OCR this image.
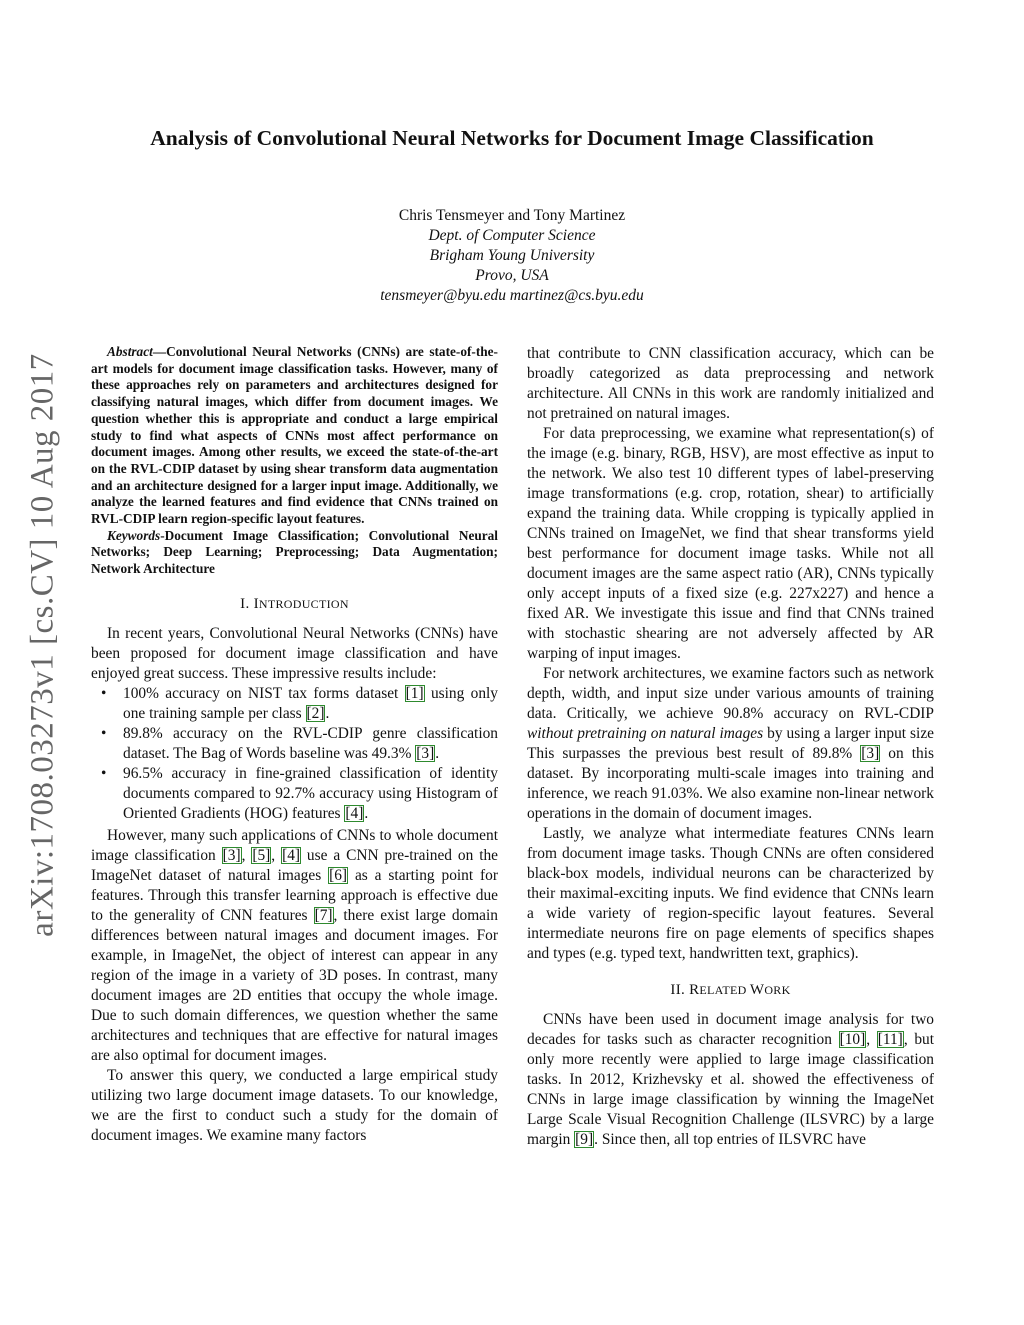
arXiv:1708.03273v1 [cs.CV] 10 Aug 2017
Analysis of Convolutional Neural Networks for Document Image Classification
Chris Tensmeyer and Tony Martinez
Dept. of Computer Science
Brigham Young University
Provo, USA
tensmeyer@byu.edu martinez@cs.byu.edu

Abstract—Convolutional Neural Networks (CNNs) are state-of-the-art models for document image classification tasks. However, many of these approaches rely on parameters and architectures designed for classifying natural images, which differ from document images. We question whether this is appropriate and conduct a large empirical study to find what aspects of CNNs most affect performance on document images. Among other results, we exceed the state-of-the-art on the RVL-CDIP dataset by using shear transform data augmentation and an architecture designed for a larger input image. Additionally, we analyze the learned features and find evidence that CNNs trained on RVL-CDIP learn region-specific layout features.

Keywords-Document Image Classification; Convolutional Neural Networks; Deep Learning; Preprocessing; Data Augmentation; Network Architecture

I. INTRODUCTION

In recent years, Convolutional Neural Networks (CNNs) have been proposed for document image classification and have enjoyed great success. These impressive results include:

• 100% accuracy on NIST tax forms dataset [1] using only one training sample per class [2].
• 89.8% accuracy on the RVL-CDIP genre classification dataset. The Bag of Words baseline was 49.3% [3].
• 96.5% accuracy in fine-grained classification of identity documents compared to 92.7% accuracy using Histogram of Oriented Gradients (HOG) features [4].

However, many such applications of CNNs to whole document image classification [3], [5], [4] use a CNN pre-trained on the ImageNet dataset of natural images [6] as a starting point for features. Through this transfer learning approach is effective due to the generality of CNN features [7], there exist large domain differences between natural images and document images. For example, in ImageNet, the object of interest can appear in any region of the image in a variety of 3D poses. In contrast, many document images are 2D entities that occupy the whole image. Due to such domain differences, we question whether the same architectures and techniques that are effective for natural images are also optimal for document images.

To answer this query, we conducted a large empirical study utilizing two large document image datasets. To our knowledge, we are the first to conduct such a study for the domain of document images. We examine many factors

that contribute to CNN classification accuracy, which can be broadly categorized as data preprocessing and network architecture. All CNNs in this work are randomly initialized and not pretrained on natural images.

For data preprocessing, we examine what representation(s) of the image (e.g. binary, RGB, HSV), are most effective as input to the network. We also test 10 different types of label-preserving image transformations (e.g. crop, rotation, shear) to artificially expand the training data. While cropping is typically applied in CNNs trained on ImageNet, we find that shear transforms yield best performance for document image tasks. While not all document images are the same aspect ratio (AR), CNNs typically only accept inputs of a fixed size (e.g. 227x227) and hence a fixed AR. We investigate this issue and find that CNNs trained with stochastic shearing are not adversely affected by AR warping of input images.

For network architectures, we examine factors such as network depth, width, and input size under various amounts of training data. Critically, we achieve 90.8% accuracy on RVL-CDIP without pretraining on natural images by using a larger input size This surpasses the previous best result of 89.8% [3] on this dataset. By incorporating multi-scale images into training and inference, we reach 91.03%. We also examine non-linear network operations in the domain of document images.

Lastly, we analyze what intermediate features CNNs learn from document image tasks. Though CNNs are often considered black-box models, individual neurons can be characterized by their maximal-exciting inputs. We find evidence that CNNs learn a wide variety of region-specific layout features. Several intermediate neurons fire on page elements of specifics shapes and types (e.g. typed text, handwritten text, graphics).

II. RELATED WORK

CNNs have been used in document image analysis for two decades for tasks such as character recognition [10], [11], but only more recently were applied to large image classification tasks. In 2012, Krizhevsky et al. showed the effectiveness of CNNs in large image classification by winning the ImageNet Large Scale Visual Recognition Challenge (ILSVRC) by a large margin [9]. Since then, all top entries of ILSVRC have
